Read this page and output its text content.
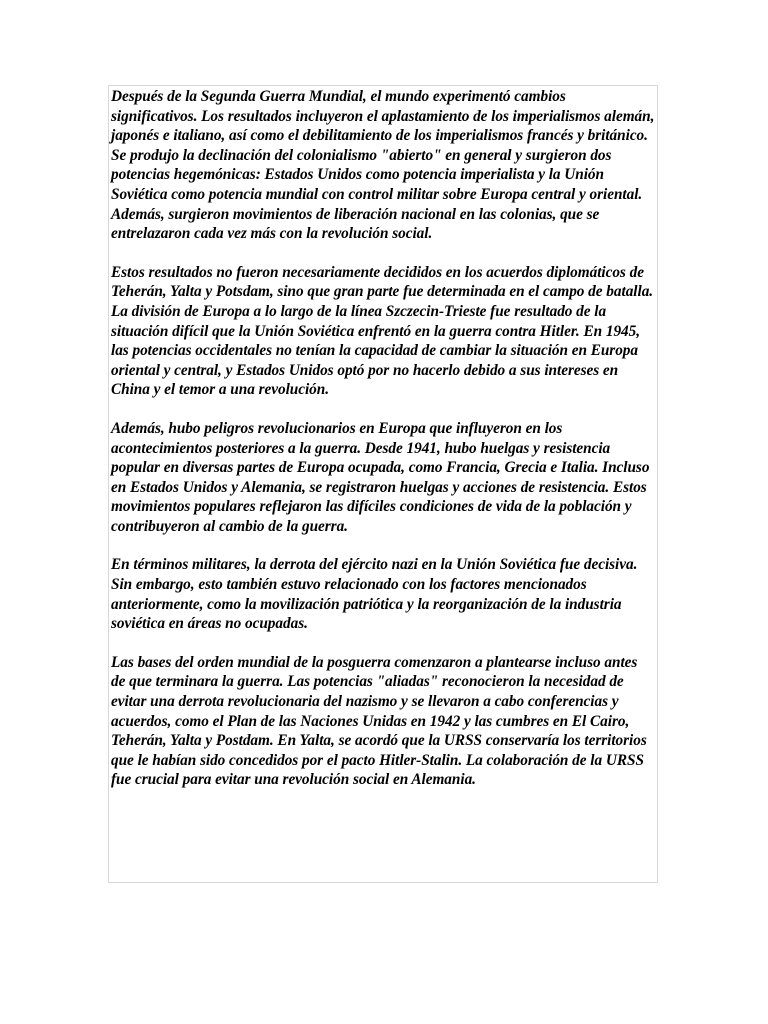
Después de la Segunda Guerra Mundial, el mundo experimentó cambios significativos. Los resultados incluyeron el aplastamiento de los imperialismos alemán, japonés e italiano, así como el debilitamiento de los imperialismos francés y británico. Se produjo la declinación del colonialismo "abierto" en general y surgieron dos potencias hegemónicas: Estados Unidos como potencia imperialista y la Unión Soviética como potencia mundial con control militar sobre Europa central y oriental. Además, surgieron movimientos de liberación nacional en las colonias, que se entrelazaron cada vez más con la revolución social.

Estos resultados no fueron necesariamente decididos en los acuerdos diplomáticos de Teherán, Yalta y Potsdam, sino que gran parte fue determinada en el campo de batalla. La división de Europa a lo largo de la línea Szczecin-Trieste fue resultado de la situación difícil que la Unión Soviética enfrentó en la guerra contra Hitler. En 1945, las potencias occidentales no tenían la capacidad de cambiar la situación en Europa oriental y central, y Estados Unidos optó por no hacerlo debido a sus intereses en China y el temor a una revolución.

Además, hubo peligros revolucionarios en Europa que influyeron en los acontecimientos posteriores a la guerra. Desde 1941, hubo huelgas y resistencia popular en diversas partes de Europa ocupada, como Francia, Grecia e Italia. Incluso en Estados Unidos y Alemania, se registraron huelgas y acciones de resistencia. Estos movimientos populares reflejaron las difíciles condiciones de vida de la población y contribuyeron al cambio de la guerra.

En términos militares, la derrota del ejército nazi en la Unión Soviética fue decisiva. Sin embargo, esto también estuvo relacionado con los factores mencionados anteriormente, como la movilización patriótica y la reorganización de la industria soviética en áreas no ocupadas.

Las bases del orden mundial de la posguerra comenzaron a plantearse incluso antes de que terminara la guerra. Las potencias "aliadas" reconocieron la necesidad de evitar una derrota revolucionaria del nazismo y se llevaron a cabo conferencias y acuerdos, como el Plan de las Naciones Unidas en 1942 y las cumbres en El Cairo, Teherán, Yalta y Postdam. En Yalta, se acordó que la URSS conservaría los territorios que le habían sido concedidos por el pacto Hitler-Stalin. La colaboración de la URSS fue crucial para evitar una revolución social en Alemania.
